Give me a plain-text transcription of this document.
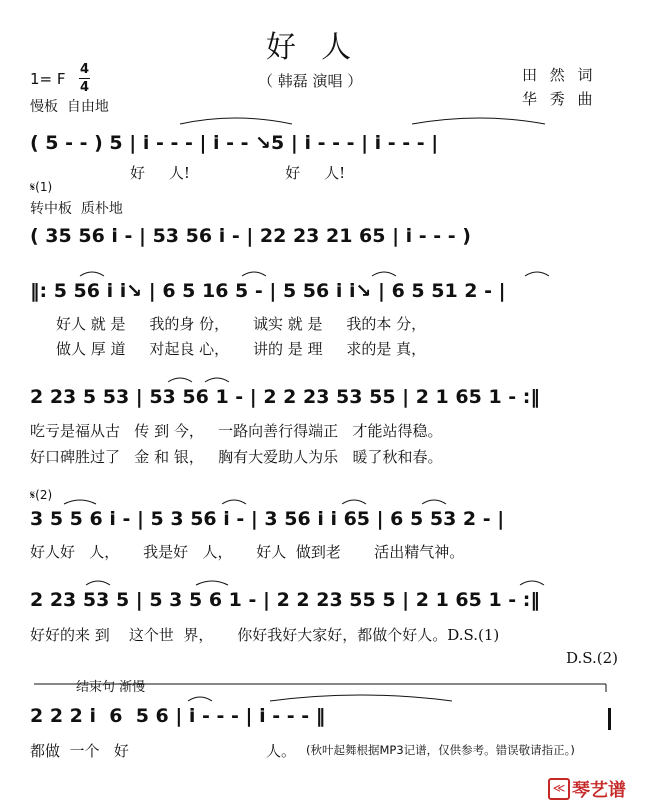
好  人
（ 韩磊 演唱 ）
1= F
4
4
慢板  自由地
田 然 词
华 秀 曲
( 5 - - ) 5 | i - - - | i - - ↘5 | i - - - | i - - - |
好     人!                    好     人!
𝄋(1)
转中板  质朴地
( 35 56 i - | 53 56 i - | 22 23 21 65 | i - - - )
‖: 5 56 i i↘ | 6 5 16 5 - | 5 56 i i↘ | 6 5 51 2 - |
好人 就 是     我的身 份，     诚实 就 是     我的本 分，
做人 厚 道     对起良 心，     讲的 是 理     求的是 真，
2 23 5 53 | 53 56 1 - | 2 2 23 53 55 | 2 1 65 1 - :‖
吃亏是福从古   传 到 今，   一路向善行得端正   才能站得稳。
好口碑胜过了   金 和 银，   胸有大爱助人为乐   暖了秋和春。
𝄋(2)
3 5 5 6 i - | 5 3 56 i - | 3 56 i i 65 | 6 5 53 2 - |
好人好   人，     我是好   人，     好人  做到老       活出精气神。
2 23 53 5 | 5 3 5 6 1 - | 2 2 23 55 5 | 2 1 65 1 - :‖
好好的来 到    这个世  界，     你好我好大家好，都做个好人。D.S.(1)
D.S.(2)
结束句 渐慢
2 2 2 i  6  5 6 | i - - - | i - - - ‖
都做  一个   好	人。 (秋叶起舞根据MP3记谱，仅供参考。错误敬请指正。)
≪ 琴艺谱
